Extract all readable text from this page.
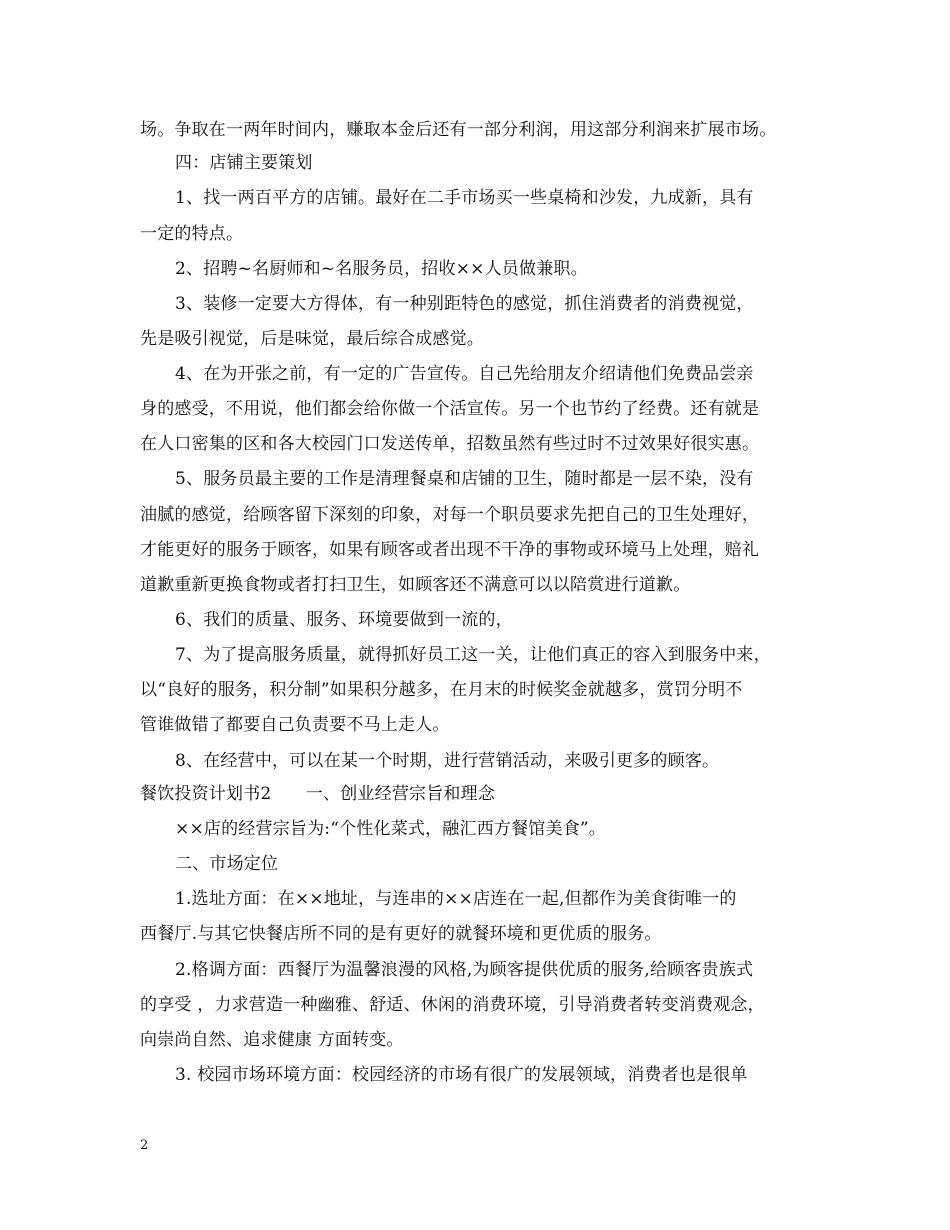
场。争取在一两年时间内，赚取本金后还有一部分利润，用这部分利润来扩展市场。
四：店铺主要策划
1、找一两百平方的店铺。最好在二手市场买一些桌椅和沙发，九成新，具有
一定的特点。
2、招聘~名厨师和~名服务员，招收××人员做兼职。
3、装修一定要大方得体，有一种别距特色的感觉，抓住消费者的消费视觉，
先是吸引视觉，后是味觉，最后综合成感觉。
4、在为开张之前，有一定的广告宣传。自己先给朋友介绍请他们免费品尝亲
身的感受，不用说，他们都会给你做一个活宣传。另一个也节约了经费。还有就是
在人口密集的区和各大校园门口发送传单，招数虽然有些过时不过效果好很实惠。
5、服务员最主要的工作是清理餐桌和店铺的卫生，随时都是一层不染，没有
油腻的感觉，给顾客留下深刻的印象，对每一个职员要求先把自己的卫生处理好，
才能更好的服务于顾客，如果有顾客或者出现不干净的事物或环境马上处理，赔礼
道歉重新更换食物或者打扫卫生，如顾客还不满意可以以陪赏进行道歉。
6、我们的质量、服务、环境要做到一流的，
7、为了提高服务质量，就得抓好员工这一关，让他们真正的容入到服务中来，
以“良好的服务，积分制”如果积分越多，在月末的时候奖金就越多，赏罚分明不
管谁做错了都要自己负责要不马上走人。
8、在经营中，可以在某一个时期，进行营销活动，来吸引更多的顾客。
餐饮投资计划书2　　一、创业经营宗旨和理念
××店的经营宗旨为:“个性化菜式，融汇西方餐馆美食”。
二、市场定位
1.选址方面：在××地址，与连串的××店连在一起,但都作为美食街唯一的
西餐厅.与其它快餐店所不同的是有更好的就餐环境和更优质的服务。
2.格调方面：西餐厅为温馨浪漫的风格,为顾客提供优质的服务,给顾客贵族式
的享受 ，力求营造一种幽雅、舒适、休闲的消费环境，引导消费者转变消费观念，
向崇尚自然、追求健康 方面转变。
3. 校园市场环境方面：校园经济的市场有很广的发展领域，消费者也是很单
2
